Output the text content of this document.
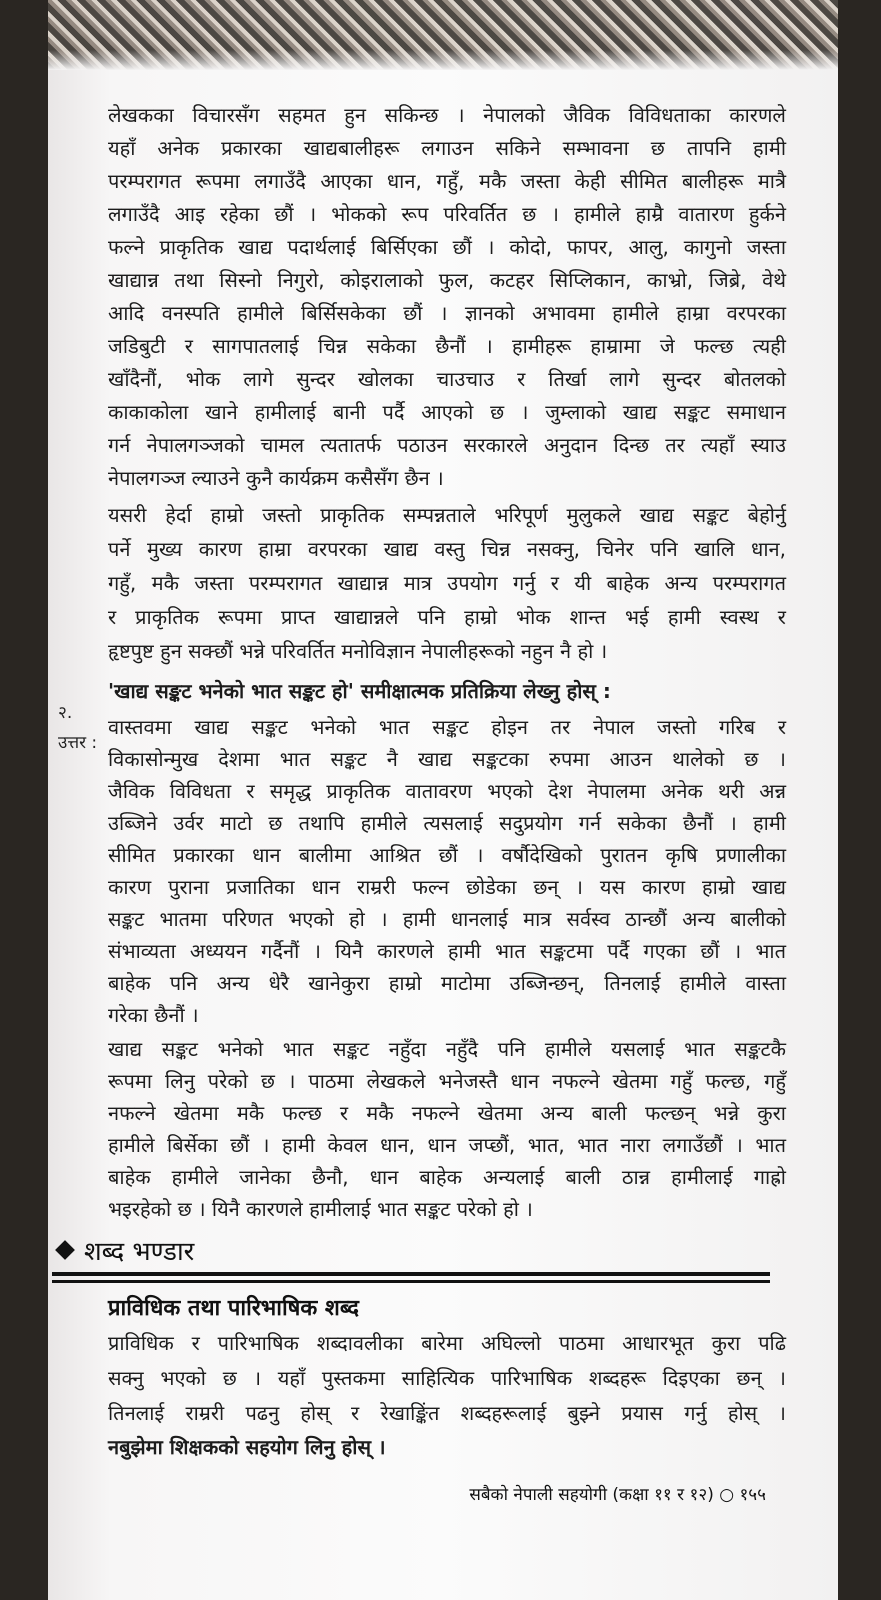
लेखकका विचारसँग सहमत हुन सकिन्छ । नेपालको जैविक विविधताका कारणले
यहाँ अनेक प्रकारका खाद्यबालीहरू लगाउन सकिने सम्भावना छ तापनि हामी
परम्परागत रूपमा लगाउँदै आएका धान, गहुँ, मकै जस्ता केही सीमित बालीहरू मात्रै
लगाउँदै आइ रहेका छौं । भोकको रूप परिवर्तित छ । हामीले हाम्रै वातारण हुर्कने
फल्ने प्राकृतिक खाद्य पदार्थलाई बिर्सिएका छौं । कोदो, फापर, आलु, कागुनो जस्ता
खाद्यान्न तथा सिस्नो निगुरो, कोइरालाको फुल, कटहर सिप्लिकान, काभ्रो, जिब्रे, वेथे
आदि वनस्पति हामीले बिर्सिसकेका छौं । ज्ञानको अभावमा हामीले हाम्रा वरपरका
जडिबुटी र सागपातलाई चिन्न सकेका छैनौं । हामीहरू हाम्रामा जे फल्छ त्यही
खाँदैनौं, भोक लागे सुन्दर खोलका चाउचाउ र तिर्खा लागे सुन्दर बोतलको
काकाकोला खाने हामीलाई बानी पर्दै आएको छ । जुम्लाको खाद्य सङ्कट समाधान
गर्न नेपालगञ्जको चामल त्यतातर्फ पठाउन सरकारले अनुदान दिन्छ तर त्यहाँ स्याउ
नेपालगञ्ज ल्याउने कुनै कार्यक्रम कसैसँग छैन ।
यसरी हेर्दा हाम्रो जस्तो प्राकृतिक सम्पन्नताले भरिपूर्ण मुलुकले खाद्य सङ्कट बेहोर्नु
पर्ने मुख्य कारण हाम्रा वरपरका खाद्य वस्तु चिन्न नसक्नु, चिनेर पनि खालि धान,
गहुँ, मकै जस्ता परम्परागत खाद्यान्न मात्र उपयोग गर्नु र यी बाहेक अन्य परम्परागत
र प्राकृतिक रूपमा प्राप्त खाद्यान्नले पनि हाम्रो भोक शान्त भई हामी स्वस्थ र
हृष्टपुष्ट हुन सक्छौं भन्ने परिवर्तित मनोविज्ञान नेपालीहरूको नहुन नै हो ।
वास्तवमा खाद्य सङ्कट भनेको भात सङ्कट होइन तर नेपाल जस्तो गरिब र
विकासोन्मुख देशमा भात सङ्कट नै खाद्य सङ्कटका रुपमा आउन थालेको छ ।
जैविक विविधता र समृद्ध प्राकृतिक वातावरण भएको देश नेपालमा अनेक थरी अन्न
उब्जिने उर्वर माटो छ तथापि हामीले त्यसलाई सदुप्रयोग गर्न सकेका छैनौं । हामी
सीमित प्रकारका धान बालीमा आश्रित छौं । वर्षौदेखिको पुरातन कृषि प्रणालीका
कारण पुराना प्रजातिका धान राम्ररी फल्न छोडेका छन् । यस कारण हाम्रो खाद्य
सङ्कट भातमा परिणत भएको हो । हामी धानलाई मात्र सर्वस्व ठान्छौं अन्य बालीको
संभाव्यता अध्ययन गर्दैनौं । यिनै कारणले हामी भात सङ्कटमा पर्दै गएका छौं । भात
बाहेक पनि अन्य धेरै खानेकुरा हाम्रो माटोमा उब्जिन्छन्, तिनलाई हामीले वास्ता
गरेका छैनौं ।
खाद्य सङ्कट भनेको भात सङ्कट नहुँदा नहुँदै पनि हामीले यसलाई भात सङ्कटकै
रूपमा लिनु परेको छ । पाठमा लेखकले भनेजस्तै धान नफल्ने खेतमा गहुँ फल्छ, गहुँ
नफल्ने खेतमा मकै फल्छ र मकै नफल्ने खेतमा अन्य बाली फल्छन् भन्ने कुरा
हामीले बिर्सेका छौं । हामी केवल धान, धान जप्छौं, भात, भात नारा लगाउँछौं । भात
बाहेक हामीले जानेका छैनौ, धान बाहेक अन्यलाई बाली ठान्न हामीलाई गाह्रो
भइरहेको छ । यिनै कारणले हामीलाई भात सङ्कट परेको हो ।
प्राविधिक र पारिभाषिक शब्दावलीका बारेमा अघिल्लो पाठमा आधारभूत कुरा पढि
सक्नु भएको छ । यहाँ पुस्तकमा साहित्यिक पारिभाषिक शब्दहरू दिइएका छन् ।
तिनलाई राम्ररी पढनु होस् र रेखाङ्किंत शब्दहरूलाई बुझ्ने प्रयास गर्नु होस् ।
२.
'खाद्य सङ्कट भनेको भात सङ्कट हो' समीक्षात्मक प्रतिक्रिया लेख्नु होस् :
उत्तर :
शब्द भण्डार
प्राविधिक तथा पारिभाषिक शब्द
नबुझेमा शिक्षकको सहयोग लिनु होस् ।
सबैको नेपाली सहयोगी (कक्षा ११ र १२) ○ १५५
